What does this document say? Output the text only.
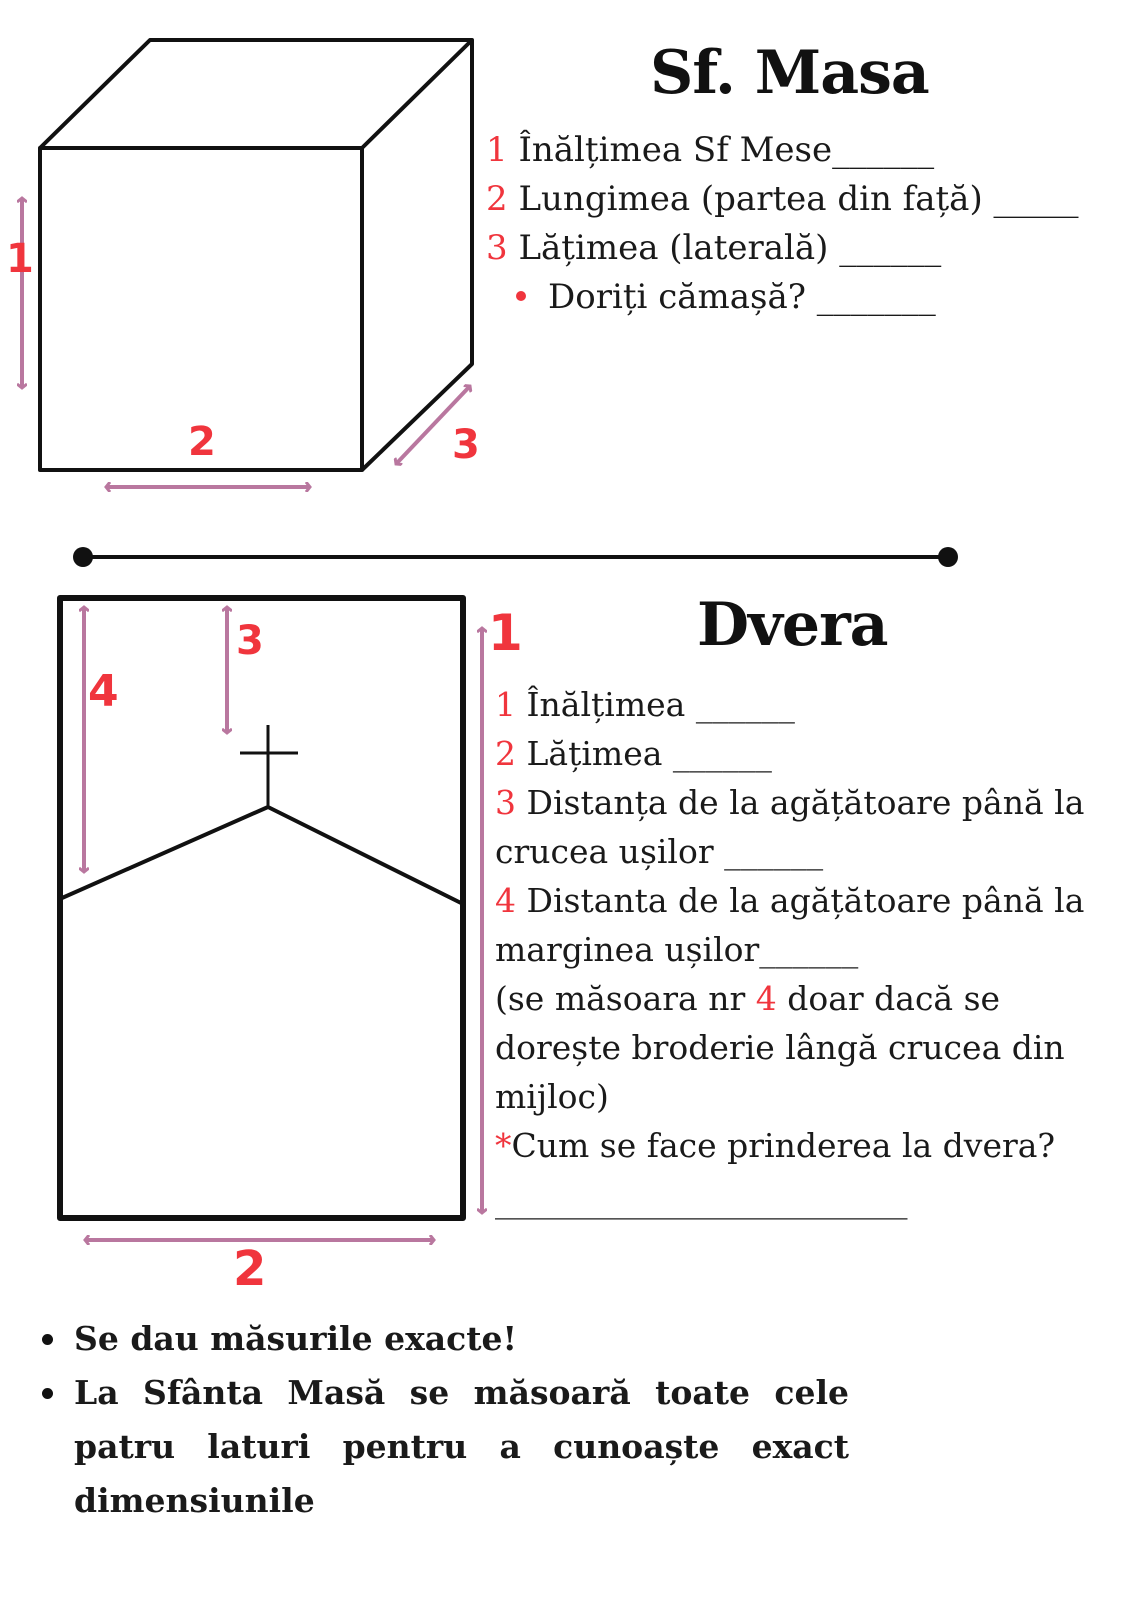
1
2	3
4
3	1
2
Sf. Masa
1 Înălțimea Sf Mese______
2 Lungimea (partea din față) _____
3 Lățimea (laterală) ______
Doriți cămașă? _______
Dvera
1 Înălțimea ______
2 Lățimea ______
3 Distanța de la agățătoare până la
crucea ușilor ______
4 Distanta de la agățătoare până la
marginea ușilor______
(se măsoara nr 4 doar dacă se
dorește broderie lângă crucea din
mijloc)
*Cum se face prinderea la dvera?
_________________________
Se dau măsurile exacte!
La Sfânta Masă se măsoară toate cele patru laturi pentru a cunoaște exact dimensiunile
